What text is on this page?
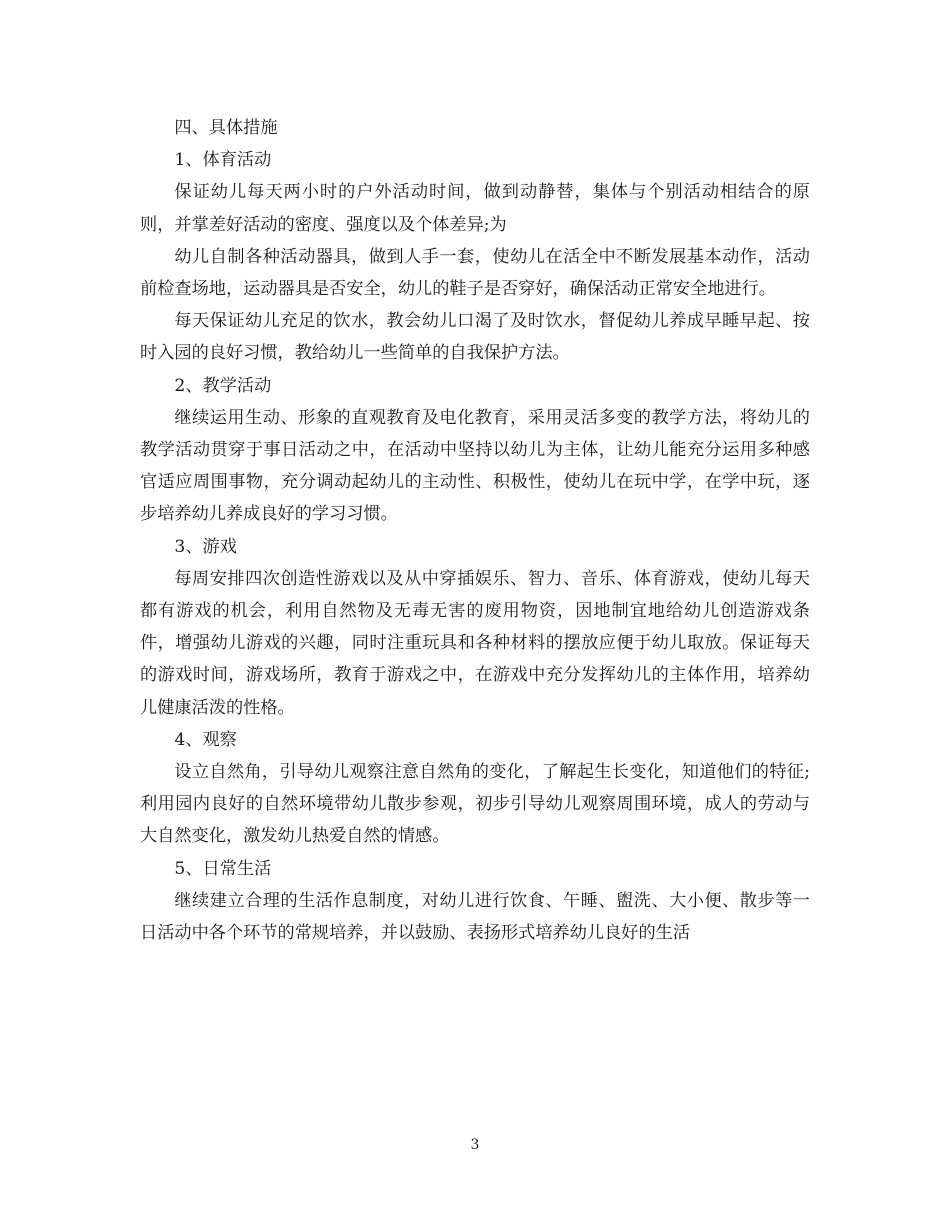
四、具体措施

1、体育活动

保证幼儿每天两小时的户外活动时间，做到动静替，集体与个别活动相结合的原则，并掌差好活动的密度、强度以及个体差异;为

幼儿自制各种活动器具，做到人手一套，使幼儿在活全中不断发展基本动作，活动前检查场地，运动器具是否安全，幼儿的鞋子是否穿好，确保活动正常安全地进行。

每天保证幼儿充足的饮水，教会幼儿口渴了及时饮水，督促幼儿养成早睡早起、按时入园的良好习惯，教给幼儿一些简单的自我保护方法。

2、教学活动

继续运用生动、形象的直观教育及电化教育，采用灵活多变的教学方法，将幼儿的教学活动贯穿于事日活动之中，在活动中坚持以幼儿为主体，让幼儿能充分运用多种感官适应周围事物，充分调动起幼儿的主动性、积极性，使幼儿在玩中学，在学中玩，逐步培养幼儿养成良好的学习习惯。

3、游戏

每周安排四次创造性游戏以及从中穿插娱乐、智力、音乐、体育游戏，使幼儿每天都有游戏的机会，利用自然物及无毒无害的废用物资，因地制宜地给幼儿创造游戏条件，增强幼儿游戏的兴趣，同时注重玩具和各种材料的摆放应便于幼儿取放。保证每天的游戏时间，游戏场所，教育于游戏之中，在游戏中充分发挥幼儿的主体作用，培养幼儿健康活泼的性格。

4、观察

设立自然角，引导幼儿观察注意自然角的变化，了解起生长变化，知道他们的特征;利用园内良好的自然环境带幼儿散步参观，初步引导幼儿观察周围环境，成人的劳动与大自然变化，激发幼儿热爱自然的情感。

5、日常生活

继续建立合理的生活作息制度，对幼儿进行饮食、午睡、盥洗、大小便、散步等一日活动中各个环节的常规培养，并以鼓励、表扬形式培养幼儿良好的生活

3
